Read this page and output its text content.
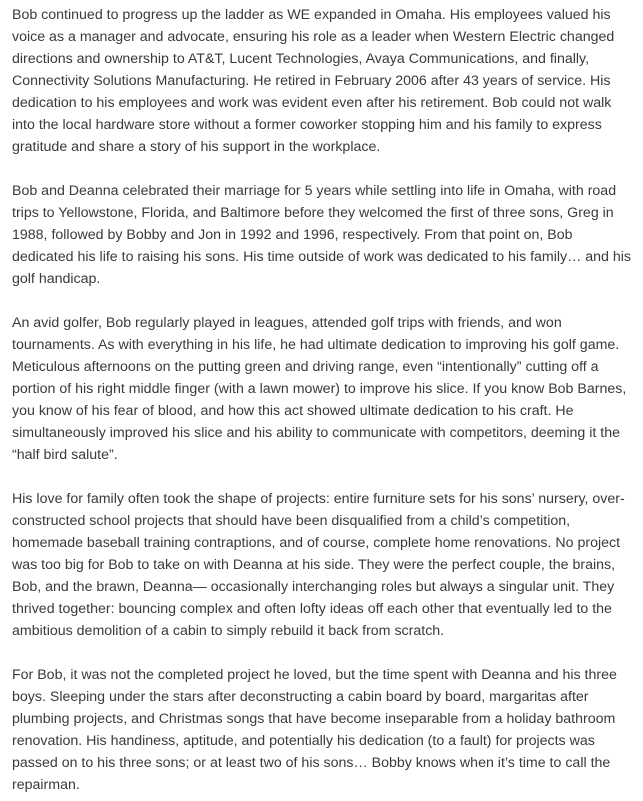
Bob continued to progress up the ladder as WE expanded in Omaha. His employees valued his voice as a manager and advocate, ensuring his role as a leader when Western Electric changed directions and ownership to AT&T, Lucent Technologies, Avaya Communications, and finally, Connectivity Solutions Manufacturing. He retired in February 2006 after 43 years of service. His dedication to his employees and work was evident even after his retirement. Bob could not walk into the local hardware store without a former coworker stopping him and his family to express gratitude and share a story of his support in the workplace.

Bob and Deanna celebrated their marriage for 5 years while settling into life in Omaha, with road trips to Yellowstone, Florida, and Baltimore before they welcomed the first of three sons, Greg in 1988, followed by Bobby and Jon in 1992 and 1996, respectively. From that point on, Bob dedicated his life to raising his sons. His time outside of work was dedicated to his family… and his golf handicap.

An avid golfer, Bob regularly played in leagues, attended golf trips with friends, and won tournaments. As with everything in his life, he had ultimate dedication to improving his golf game. Meticulous afternoons on the putting green and driving range, even “intentionally” cutting off a portion of his right middle finger (with a lawn mower) to improve his slice. If you know Bob Barnes, you know of his fear of blood, and how this act showed ultimate dedication to his craft. He simultaneously improved his slice and his ability to communicate with competitors, deeming it the “half bird salute”.

His love for family often took the shape of projects: entire furniture sets for his sons’ nursery, over-constructed school projects that should have been disqualified from a child’s competition, homemade baseball training contraptions, and of course, complete home renovations. No project was too big for Bob to take on with Deanna at his side. They were the perfect couple, the brains, Bob, and the brawn, Deanna— occasionally interchanging roles but always a singular unit. They thrived together: bouncing complex and often lofty ideas off each other that eventually led to the ambitious demolition of a cabin to simply rebuild it back from scratch.

For Bob, it was not the completed project he loved, but the time spent with Deanna and his three boys. Sleeping under the stars after deconstructing a cabin board by board, margaritas after plumbing projects, and Christmas songs that have become inseparable from a holiday bathroom renovation. His handiness, aptitude, and potentially his dedication (to a fault) for projects was passed on to his three sons; or at least two of his sons… Bobby knows when it’s time to call the repairman.
